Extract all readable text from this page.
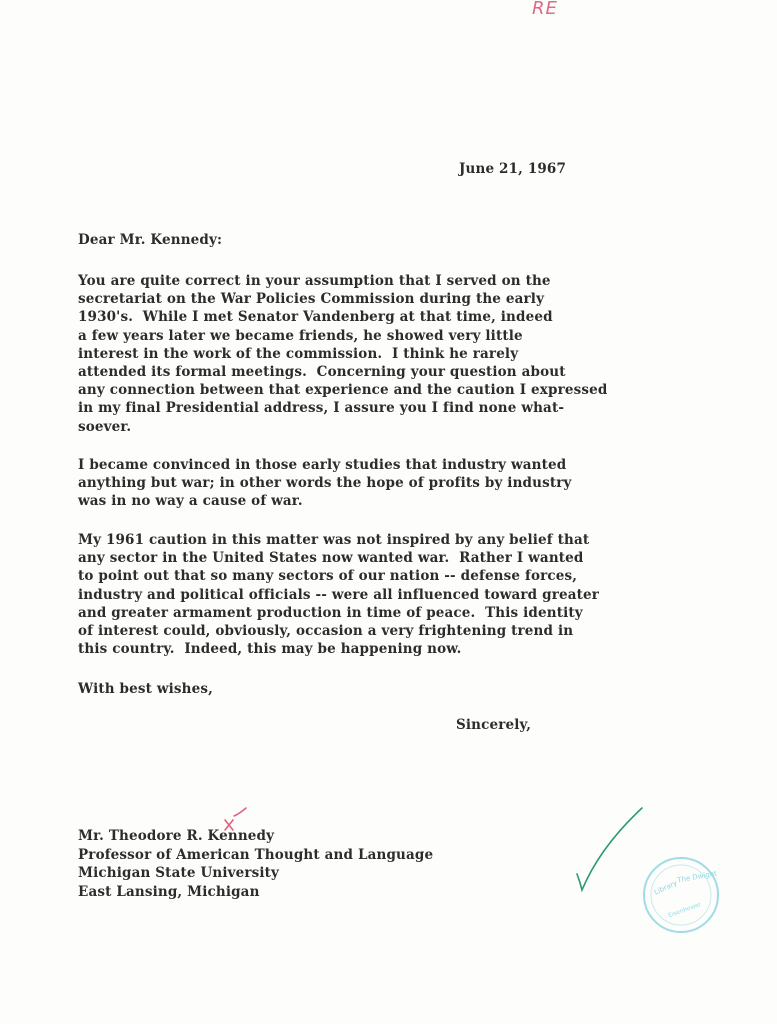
RE
June 21, 1967
Dear Mr. Kennedy:

You are quite correct in your assumption that I served on the
secretariat on the War Policies Commission during the early
1930's.  While I met Senator Vandenberg at that time, indeed
a few years later we became friends, he showed very little
interest in the work of the commission.  I think he rarely
attended its formal meetings.  Concerning your question about
any connection between that experience and the caution I expressed
in my final Presidential address, I assure you I find none what-
soever.

I became convinced in those early studies that industry wanted
anything but war; in other words the hope of profits by industry
was in no way a cause of war.

My 1961 caution in this matter was not inspired by any belief that
any sector in the United States now wanted war.  Rather I wanted
to point out that so many sectors of our nation -- defense forces,
industry and political officials -- were all influenced toward greater
and greater armament production in time of peace.  This identity
of interest could, obviously, occasion a very frightening trend in
this country.  Indeed, this may be happening now.

With best wishes,
Sincerely,
Mr. Theodore R. Kennedy
Professor of American Thought and Language
Michigan State University
East Lansing, Michigan	Library
The Dwight
Eisenhower
